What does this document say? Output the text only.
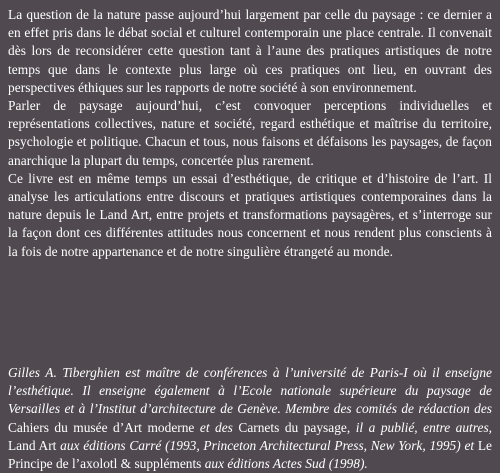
La question de la nature passe aujourd’hui largement par celle du paysage : ce dernier a en effet pris dans le débat social et culturel contemporain une place centrale. Il convenait dès lors de reconsidérer cette question tant à l’aune des pratiques artistiques de notre temps que dans le contexte plus large où ces pratiques ont lieu, en ouvrant des perspectives éthiques sur les rapports de notre société à son environnement.

Parler de paysage aujourd’hui, c’est convoquer perceptions individuelles et représentations collectives, nature et société, regard esthétique et maîtrise du territoire, psychologie et politique. Chacun et tous, nous faisons et défaisons les paysages, de façon anarchique la plupart du temps, concertée plus rarement.

Ce livre est en même temps un essai d’esthétique, de critique et d’histoire de l’art. Il analyse les articulations entre discours et pratiques artistiques contemporaines dans la nature depuis le Land Art, entre projets et transformations paysagères, et s’interroge sur la façon dont ces différentes attitudes nous concernent et nous rendent plus conscients à la fois de notre appartenance et de notre singulière étrangeté au monde.

Gilles A. Tiberghien est maître de conférences à l’université de Paris-I où il enseigne l’esthétique. Il enseigne également à l’Ecole nationale supérieure du paysage de Versailles et à l’Institut d’architecture de Genève. Membre des comités de rédaction des Cahiers du musée d’Art moderne et des Carnets du paysage, il a publié, entre autres, Land Art aux éditions Carré (1993, Princeton Architectural Press, New York, 1995) et Le Principe de l’axolotl & suppléments aux éditions Actes Sud (1998).
